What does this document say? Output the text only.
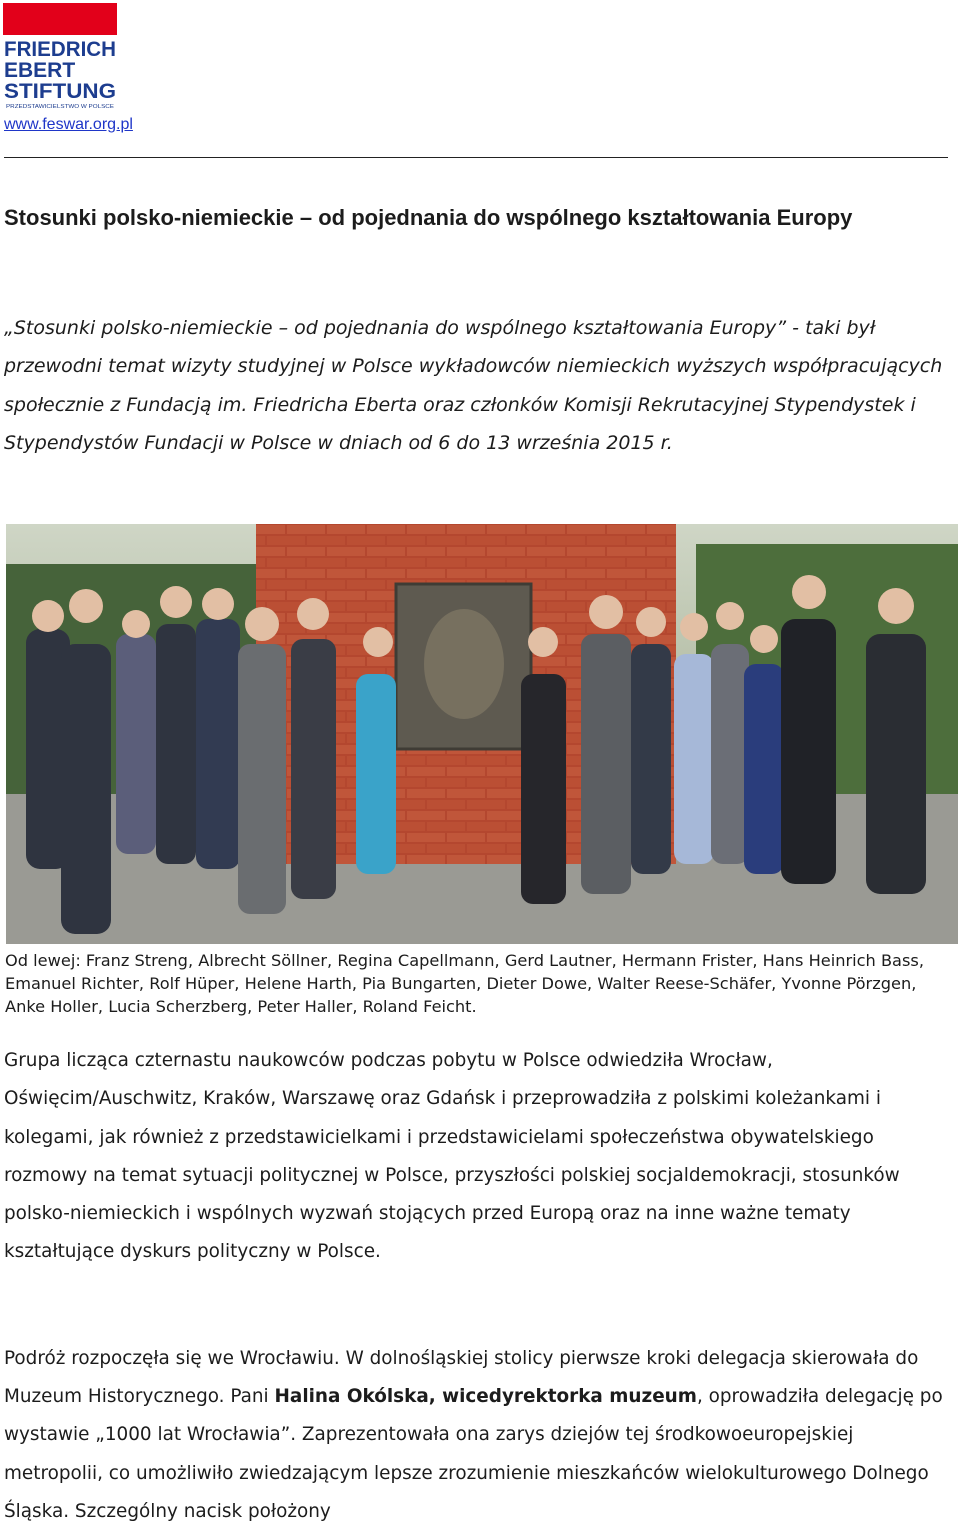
FRIEDRICH
EBERT
STIFTUNG
PRZEDSTAWICIELSTWO W POLSCE
www.feswar.org.pl
Stosunki polsko-niemieckie – od pojednania do wspólnego kształtowania Europy

„Stosunki polsko-niemieckie – od pojednania do wspólnego kształtowania Europy” - taki był przewodni temat wizyty studyjnej w Polsce wykładowców niemieckich wyższych współpracujących społecznie z Fundacją im. Friedricha Eberta oraz członków Komisji Rekrutacyjnej Stypendystek i Stypendystów Fundacji w Polsce w dniach od 6 do 13 września 2015 r.

Od lewej: Franz Streng, Albrecht Söllner, Regina Capellmann, Gerd Lautner, Hermann Frister, Hans Heinrich Bass, Emanuel Richter, Rolf Hüper, Helene Harth, Pia Bungarten, Dieter Dowe, Walter Reese-Schäfer, Yvonne Pörzgen, Anke Holler, Lucia Scherzberg, Peter Haller, Roland Feicht.

Grupa licząca czternastu naukowców podczas pobytu w Polsce odwiedziła Wrocław, Oświęcim/Auschwitz, Kraków, Warszawę oraz Gdańsk i przeprowadziła z polskimi koleżankami i kolegami, jak również z przedstawicielkami i przedstawicielami społeczeństwa obywatelskiego rozmowy na temat sytuacji politycznej w Polsce, przyszłości polskiej socjaldemokracji, stosunków polsko-niemieckich i wspólnych wyzwań stojących przed Europą oraz na inne ważne tematy kształtujące dyskurs polityczny w Polsce.

Podróż rozpoczęła się we Wrocławiu. W dolnośląskiej stolicy pierwsze kroki delegacja skierowała do Muzeum Historycznego. Pani Halina Okólska, wicedyrektorka muzeum, oprowadziła delegację po wystawie „1000 lat Wrocławia”. Zaprezentowała ona zarys dziejów tej środkowoeuropejskiej metropolii, co umożliwiło zwiedzającym lepsze zrozumienie mieszkańców wielokulturowego Dolnego Śląska. Szczególny nacisk położony
